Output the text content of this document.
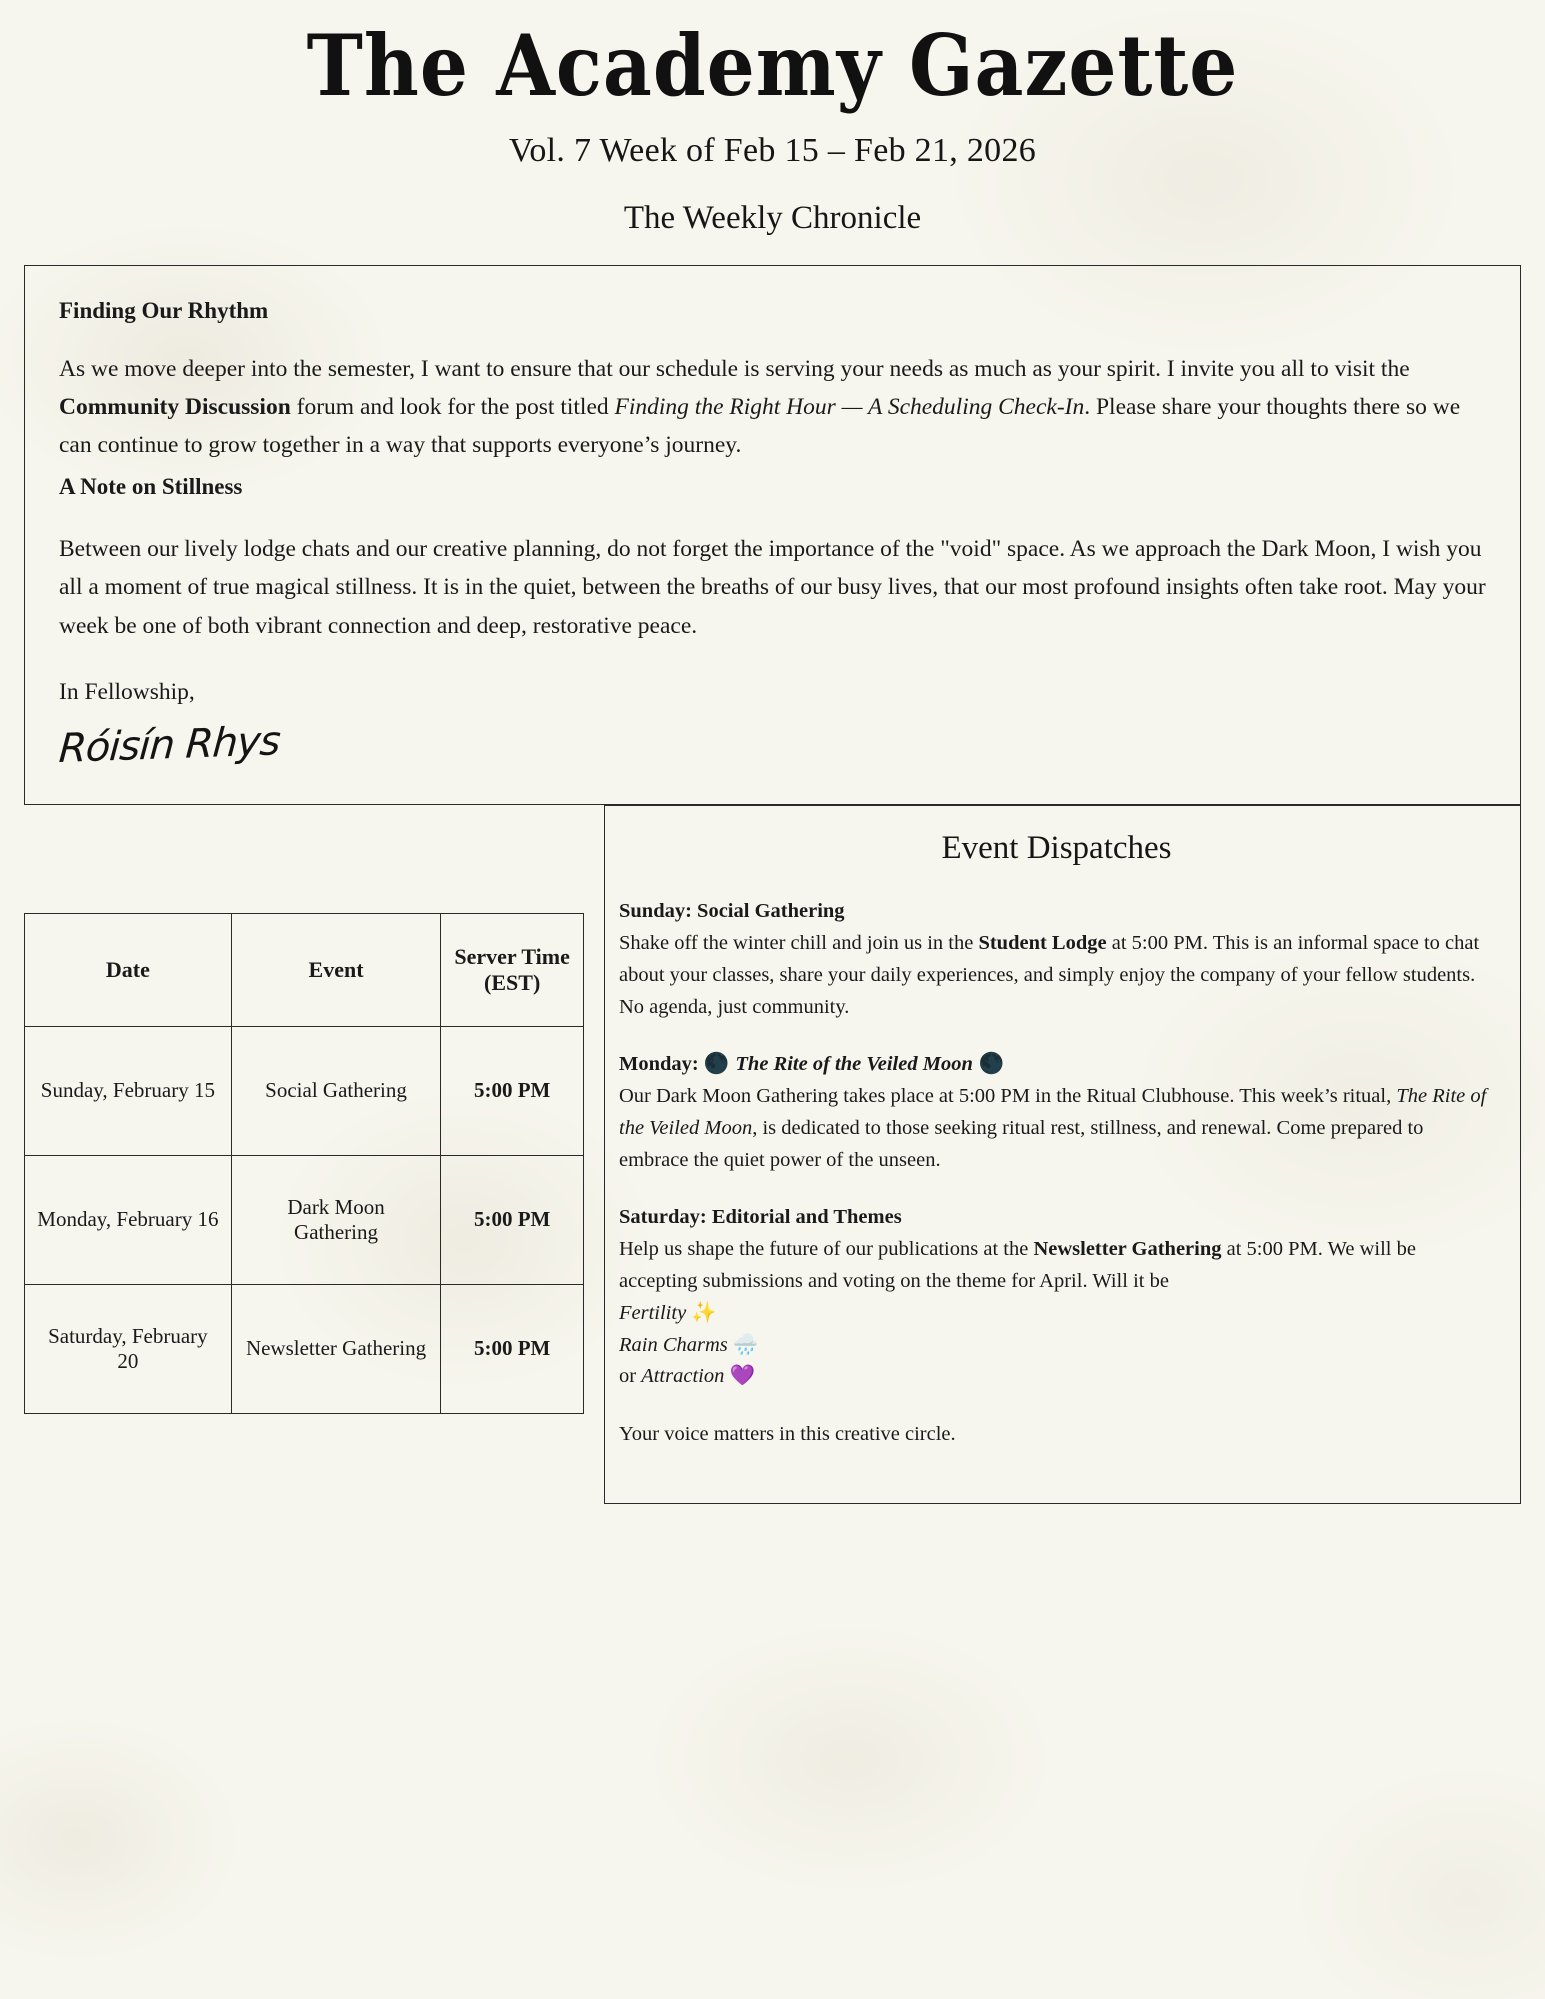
The Academy Gazette
Vol. 7 Week of Feb 15 – Feb 21, 2026
The Weekly Chronicle
Finding Our Rhythm

As we move deeper into the semester, I want to ensure that our schedule is serving your needs as much as your spirit. I invite you all to visit the Community Discussion forum and look for the post titled Finding the Right Hour — A Scheduling Check-In. Please share your thoughts there so we can continue to grow together in a way that supports everyone’s journey.

A Note on Stillness

Between our lively lodge chats and our creative planning, do not forget the importance of the "void" space. As we approach the Dark Moon, I wish you all a moment of true magical stillness. It is in the quiet, between the breaths of our busy lives, that our most profound insights often take root. May your week be one of both vibrant connection and deep, restorative peace.

In Fellowship,
Róisín Rhys
Date	Event	Server Time
(EST)
Sunday, February 15	Social Gathering	5:00 PM
Monday, February 16	Dark Moon Gathering	5:00 PM
Saturday, February 20	Newsletter Gathering	5:00 PM
Event Dispatches
Sunday: Social Gathering

Shake off the winter chill and join us in the Student Lodge at 5:00 PM. This is an informal space to chat about your classes, share your daily experiences, and simply enjoy the company of your fellow students. No agenda, just community.

Monday: 🌑 The Rite of the Veiled Moon 🌑

Our Dark Moon Gathering takes place at 5:00 PM in the Ritual Clubhouse. This week’s ritual, The Rite of the Veiled Moon, is dedicated to those seeking ritual rest, stillness, and renewal. Come prepared to embrace the quiet power of the unseen.

Saturday: Editorial and Themes

Help us shape the future of our publications at the Newsletter Gathering at 5:00 PM. We will be accepting submissions and voting on the theme for April. Will it be

Fertility ✨
Rain Charms 🌧️
or Attraction 💜
Your voice matters in this creative circle.
